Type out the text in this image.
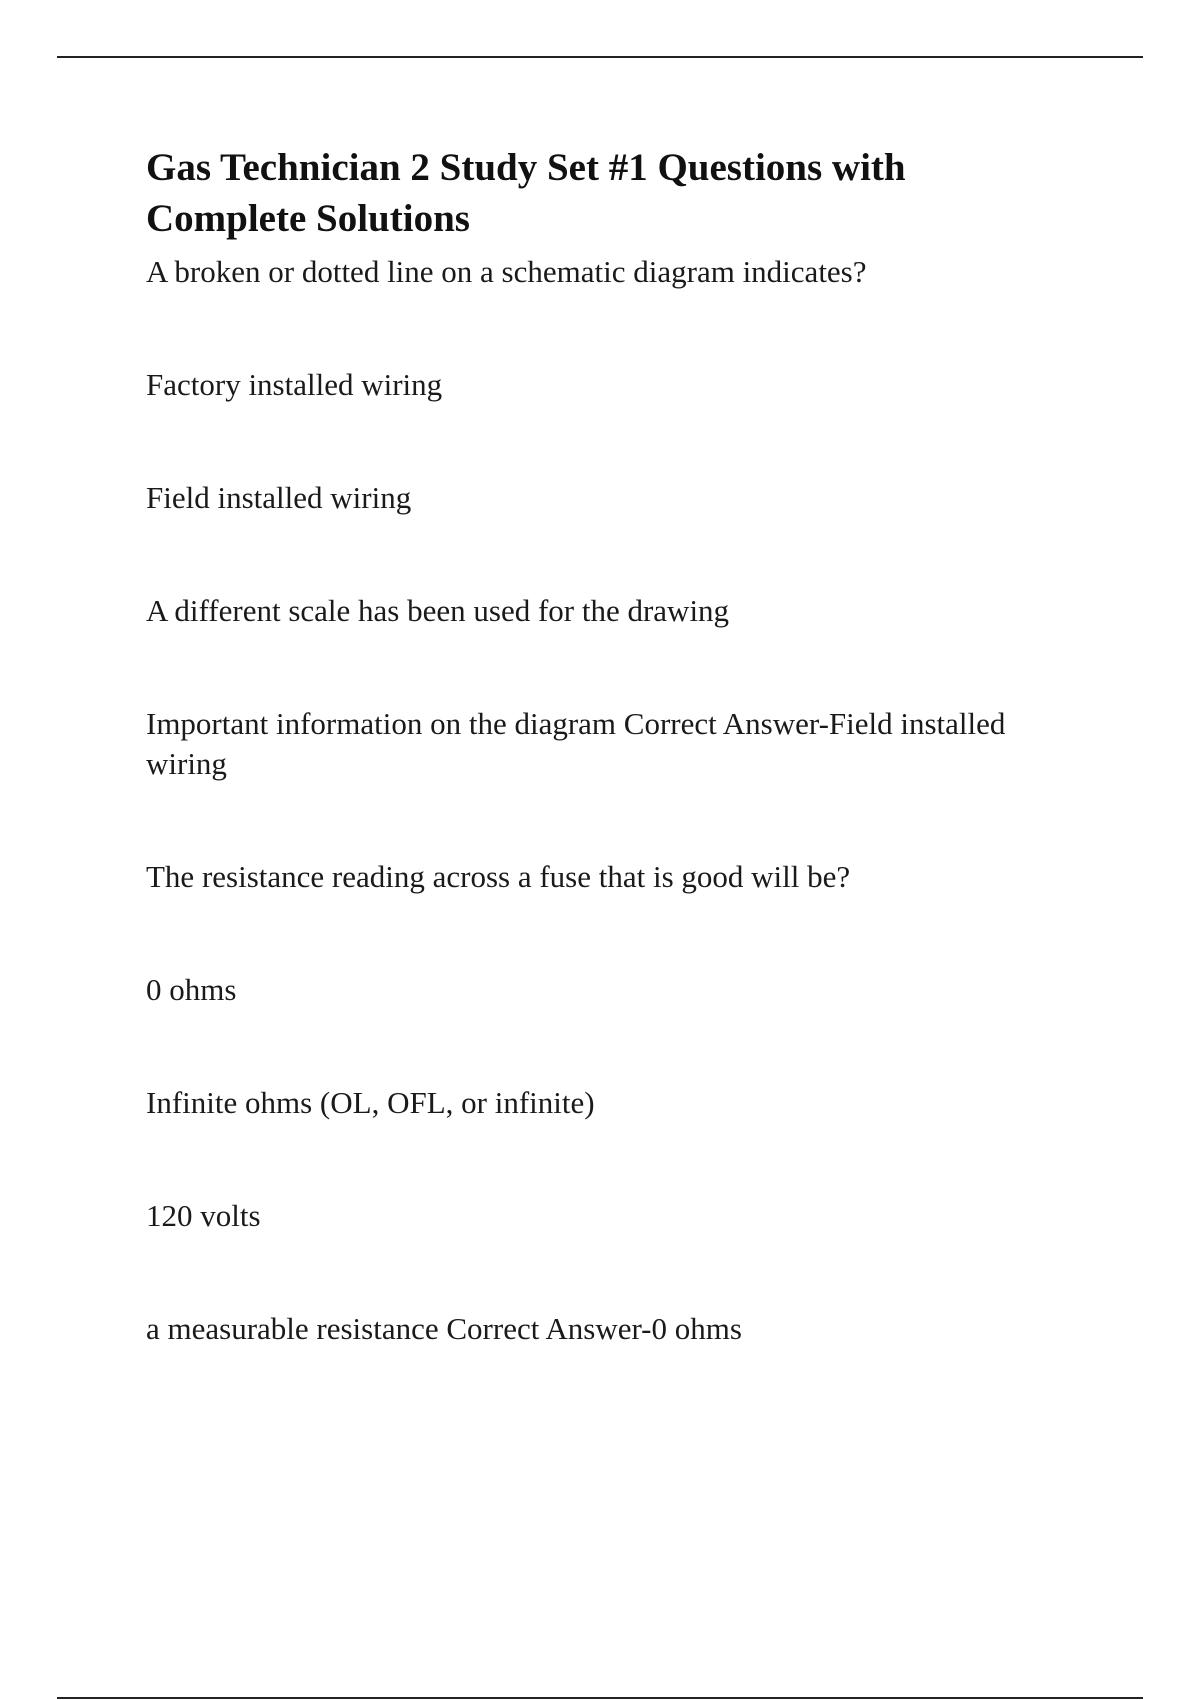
Gas Technician 2 Study Set #1 Questions with
Complete Solutions

A broken or dotted line on a schematic diagram indicates?

Factory installed wiring

Field installed wiring

A different scale has been used for the drawing

Important information on the diagram Correct Answer-Field installed wiring

The resistance reading across a fuse that is good will be?

0 ohms

Infinite ohms (OL, OFL, or infinite)

120 volts

a measurable resistance Correct Answer-0 ohms
